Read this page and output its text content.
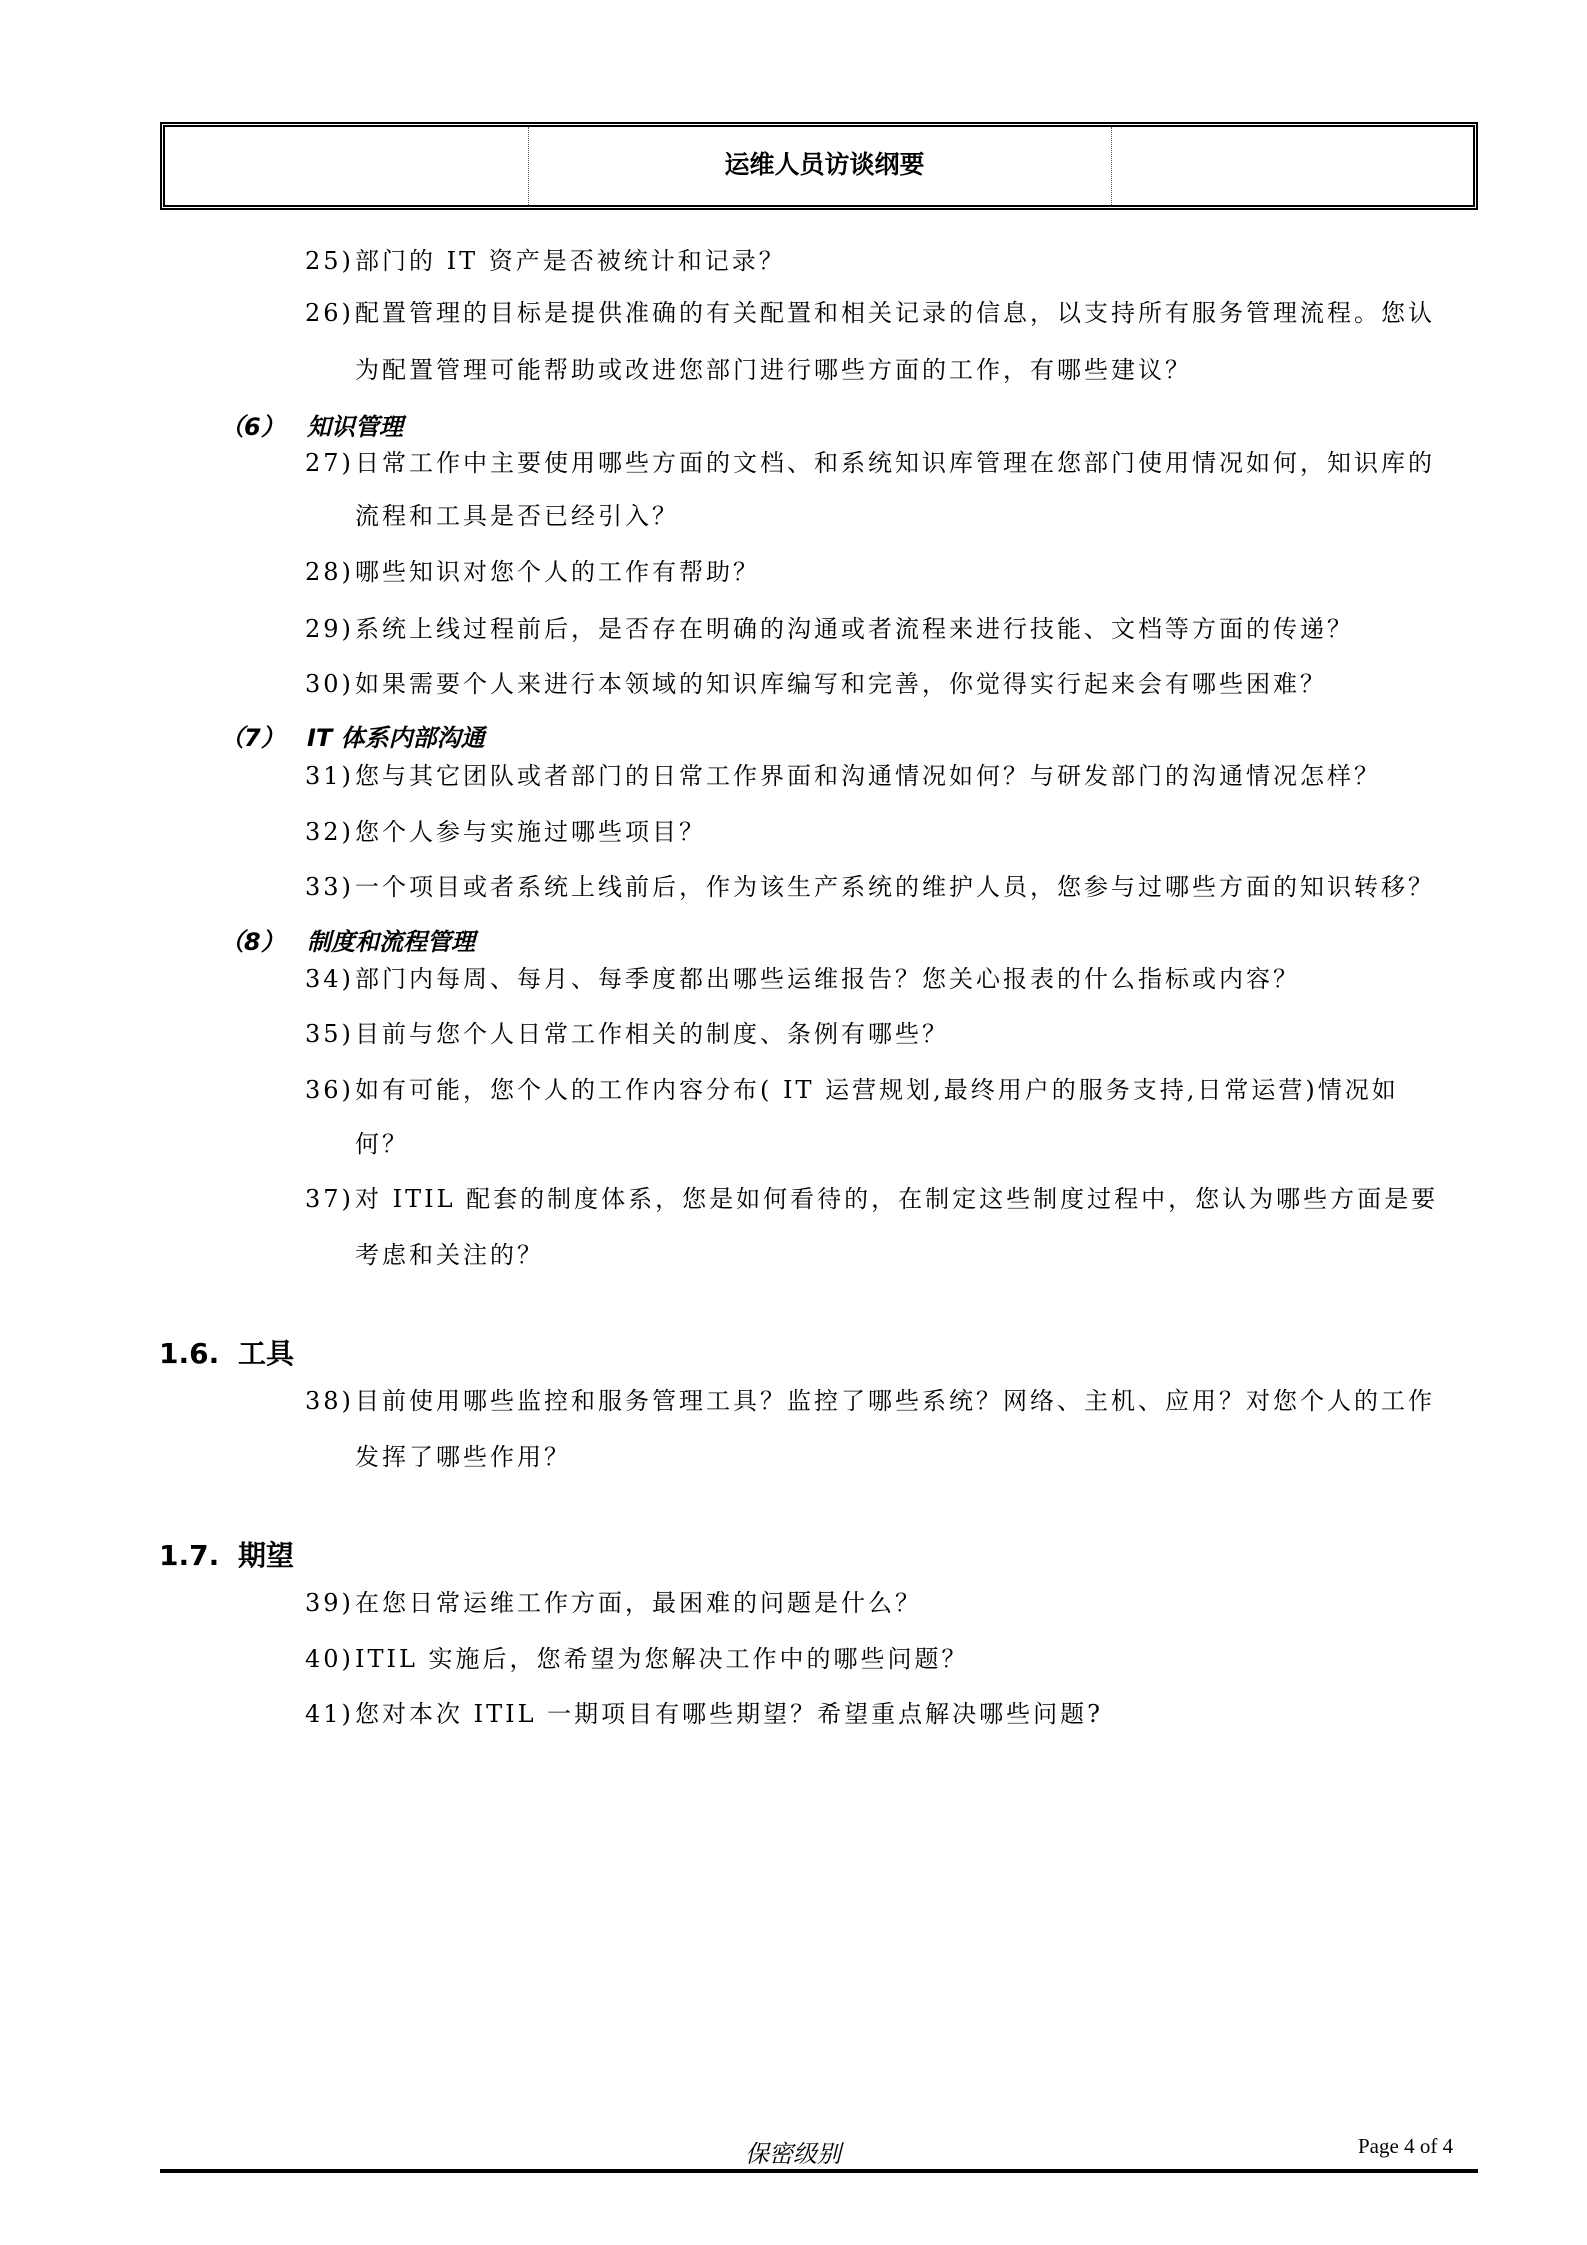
运维人员访谈纲要
25) 部门的 IT 资产是否被统计和记录？
26) 配置管理的目标是提供准确的有关配置和相关记录的信息，以支持所有服务管理流程。您认
为配置管理可能帮助或改进您部门进行哪些方面的工作，有哪些建议？
27) 日常工作中主要使用哪些方面的文档、和系统知识库管理在您部门使用情况如何，知识库的
流程和工具是否已经引入？
28) 哪些知识对您个人的工作有帮助？
29) 系统上线过程前后，是否存在明确的沟通或者流程来进行技能、文档等方面的传递？
30) 如果需要个人来进行本领域的知识库编写和完善，你觉得实行起来会有哪些困难？
31) 您与其它团队或者部门的日常工作界面和沟通情况如何？与研发部门的沟通情况怎样？
32) 您个人参与实施过哪些项目？
33) 一个项目或者系统上线前后，作为该生产系统的维护人员，您参与过哪些方面的知识转移？
34) 部门内每周、每月、每季度都出哪些运维报告？您关心报表的什么指标或内容？
35) 目前与您个人日常工作相关的制度、条例有哪些？
36) 如有可能，您个人的工作内容分布( IT 运营规划,最终用户的服务支持,日常运营)情况如
何？
37) 对 ITIL 配套的制度体系，您是如何看待的，在制定这些制度过程中，您认为哪些方面是要
考虑和关注的？
38) 目前使用哪些监控和服务管理工具？监控了哪些系统？网络、主机、应用？对您个人的工作
发挥了哪些作用？
39) 在您日常运维工作方面，最困难的问题是什么？
40) ITIL 实施后，您希望为您解决工作中的哪些问题？
41) 您对本次 ITIL 一期项目有哪些期望？希望重点解决哪些问题?
（6） 知识管理
（7） IT 体系内部沟通
（8） 制度和流程管理
1.6. 工具
1.7. 期望
保密级别	Page 4 of 4
